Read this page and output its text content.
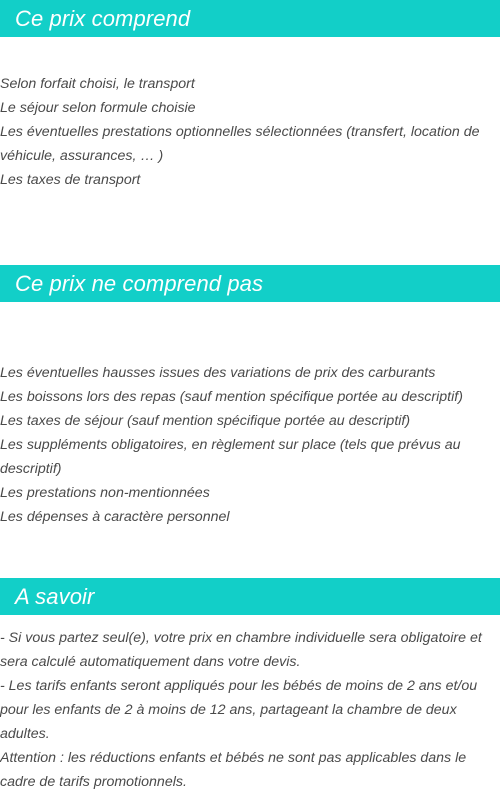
Ce prix comprend
Selon forfait choisi, le transport
Le séjour selon formule choisie
Les éventuelles prestations optionnelles sélectionnées (transfert, location de véhicule, assurances, … )
Les taxes de transport
Ce prix ne comprend pas
Les éventuelles hausses issues des variations de prix des carburants
Les boissons lors des repas (sauf mention spécifique portée au descriptif)
Les taxes de séjour (sauf mention spécifique portée au descriptif)
Les suppléments obligatoires, en règlement sur place (tels que prévus au descriptif)
Les prestations non-mentionnées
Les dépenses à caractère personnel
A savoir
- Si vous partez seul(e), votre prix en chambre individuelle sera obligatoire et sera calculé automatiquement dans votre devis.
- Les tarifs enfants seront appliqués pour les bébés de moins de 2 ans et/ou pour les enfants de 2 à moins de 12 ans, partageant la chambre de deux adultes.
Attention : les réductions enfants et bébés ne sont pas applicables dans le cadre de tarifs promotionnels.
